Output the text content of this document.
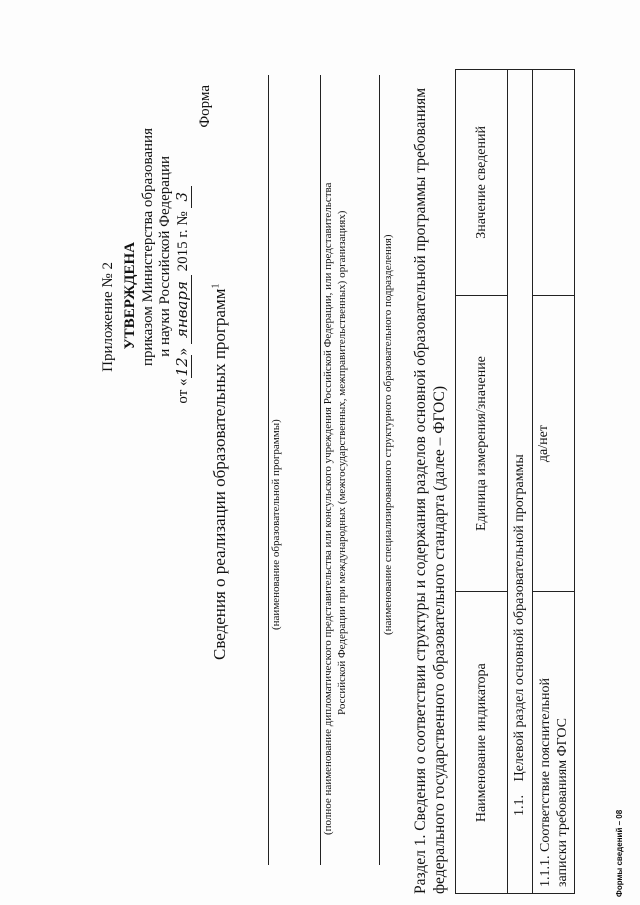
Приложение № 2 УТВЕРЖДЕНА приказом Министерства образования и науки Российской Федерации
от «12» января 2015 г. № 3
Форма
Сведения о реализации образовательных программ$^1$
(наименование образовательной программы)	(полное наименование дипломатического представительства или консульского учреждения Российской Федерации, или представительства Российской Федерации при международных (межгосударственных, межправительственных) организациях)	(наименование специализированного структурного образовательного подразделения) Раздел 1. Сведения о соответствии структуры и содержания разделов основной образовательной программы требованиям федерального государственного образовательного стандарта (далее – ФГОС) Наименование индикатора	Единица измерения/значение	Значение сведений
1.1. Целевой раздел основной образовательной программы		

1.1.1. Соответствие пояснительной записки требованиям ФГОС	да/нет	
Формы сведений – 08
